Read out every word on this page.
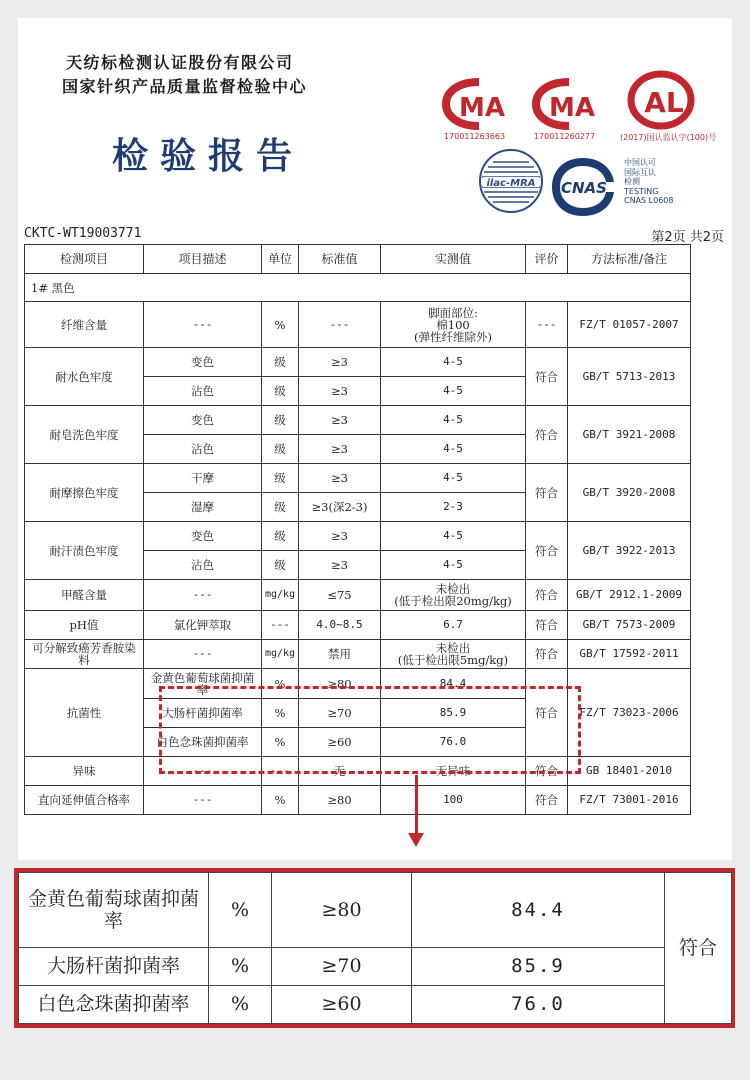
天纺标检测认证股份有限公司
国家针织产品质量监督检验中心
检验报告
MA
170011263663
MA
170011260277
AL
(2017)国认监认字(100)号
ilac-MRA CNAS
中国认可
国际互认
检测
TESTING
CNAS L0608
CKTC-WT19003771	第2页 共2页
检测项目	项目描述	单位	标准值	实测值	评价	方法标准/备注
1# 黑色						
纤维含量	---	%	---	脚面部位:
棉100
(弹性纤维除外)	---	FZ/T 01057-2007
耐水色牢度	变色	级	≥3	4-5	符合	GB/T 5713-2013
	沾色	级	≥3	4-5		
耐皂洗色牢度	变色	级	≥3	4-5	符合	GB/T 3921-2008
	沾色	级	≥3	4-5		
耐摩擦色牢度	干摩	级	≥3	4-5	符合	GB/T 3920-2008
	湿摩	级	≥3(深2-3)	2-3		
耐汗渍色牢度	变色	级	≥3	4-5	符合	GB/T 3922-2013
	沾色	级	≥3	4-5		
甲醛含量	---	mg/kg	≤75	未检出
(低于检出限20mg/kg)	符合	GB/T 2912.1-2009
pH值	氯化钾萃取	---	4.0~8.5	6.7	符合	GB/T 7573-2009
可分解致癌芳香胺染料	---	mg/kg	禁用	未检出
(低于检出限5mg/kg)	符合	GB/T 17592-2011
抗菌性	金黄色葡萄球菌抑菌率	%	≥80	84.4	符合	FZ/T 73023-2006
	大肠杆菌抑菌率	%	≥70	85.9		
	白色念珠菌抑菌率	%	≥60	76.0		
异味	---	---	无	无异味	符合	GB 18401-2010
直向延伸值合格率	---	%	≥80	100	符合	FZ/T 73001-2016
金黄色葡萄球菌抑菌率	%	≥80	84.4	符合
大肠杆菌抑菌率	%	≥70	85.9	
白色念珠菌抑菌率	%	≥60	76.0	
